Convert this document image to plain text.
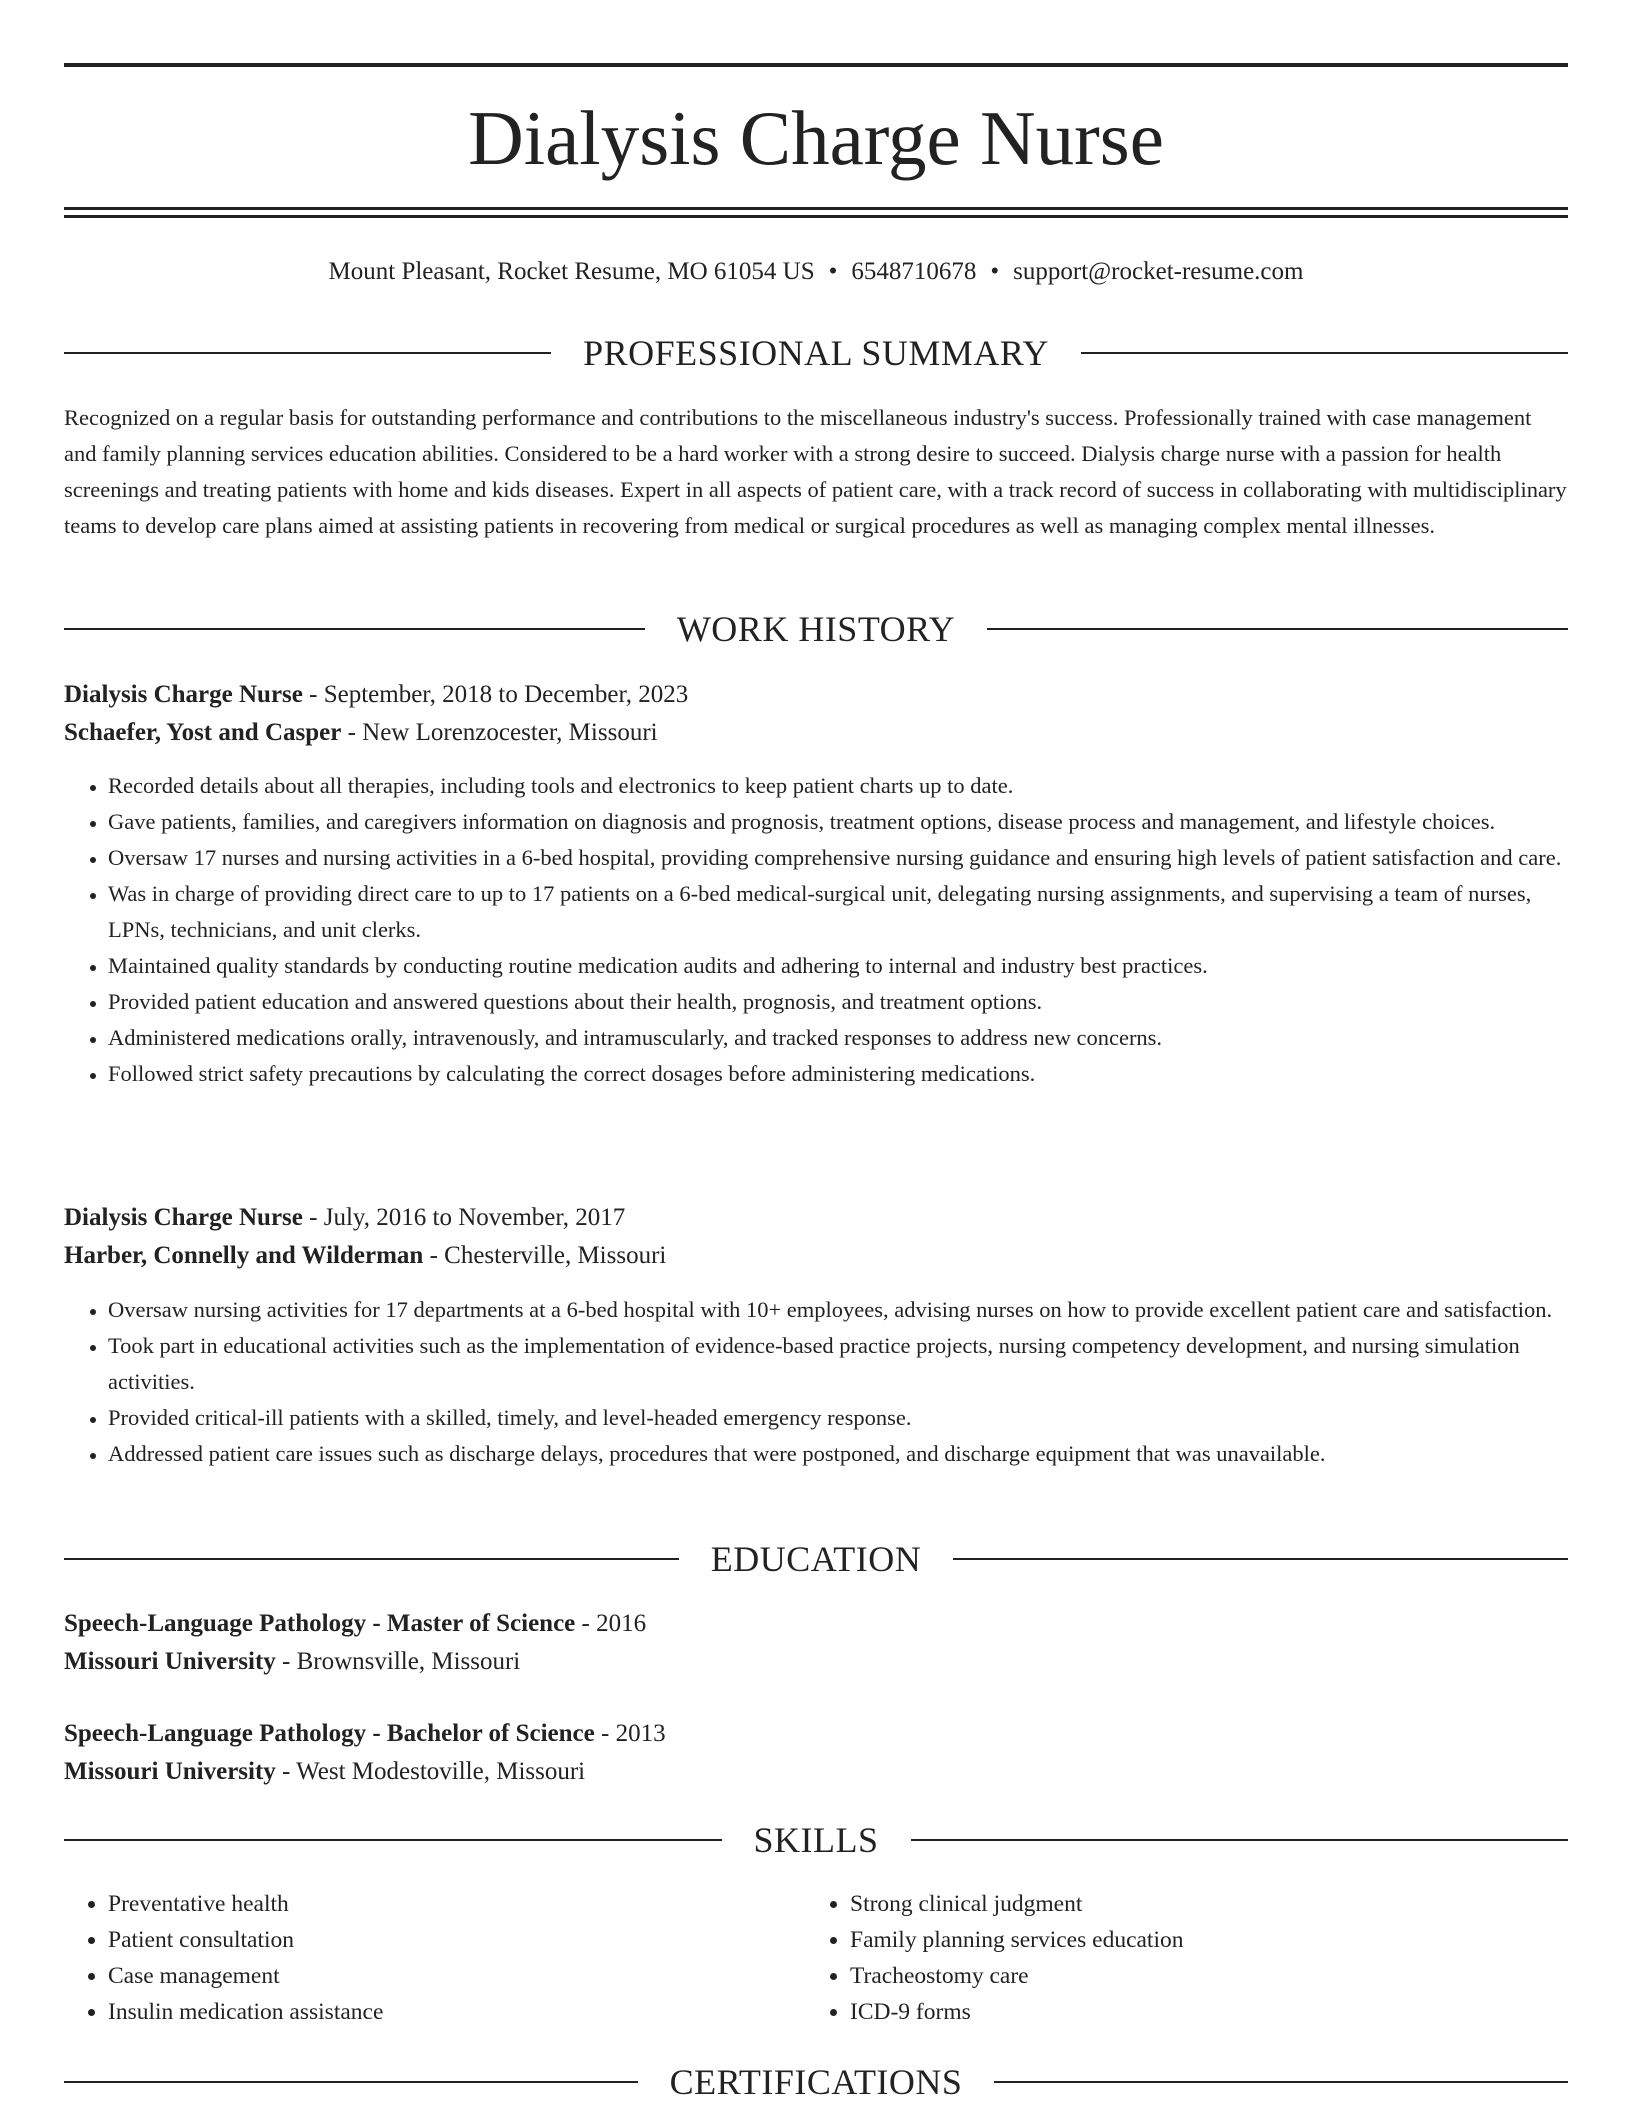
Dialysis Charge Nurse
Mount Pleasant, Rocket Resume, MO 61054 US • 6548710678 • support@rocket-resume.com
PROFESSIONAL SUMMARY

Recognized on a regular basis for outstanding performance and contributions to the miscellaneous industry's success. Professionally trained with case management and family planning services education abilities. Considered to be a hard worker with a strong desire to succeed. Dialysis charge nurse with a passion for health screenings and treating patients with home and kids diseases. Expert in all aspects of patient care, with a track record of success in collaborating with multidisciplinary teams to develop care plans aimed at assisting patients in recovering from medical or surgical procedures as well as managing complex mental illnesses.

WORK HISTORY
Dialysis Charge Nurse - September, 2018 to December, 2023
Schaefer, Yost and Casper - New Lorenzocester, Missouri
• Recorded details about all therapies, including tools and electronics to keep patient charts up to date.
• Gave patients, families, and caregivers information on diagnosis and prognosis, treatment options, disease process and management, and lifestyle choices.
• Oversaw 17 nurses and nursing activities in a 6-bed hospital, providing comprehensive nursing guidance and ensuring high levels of patient satisfaction and care.
• Was in charge of providing direct care to up to 17 patients on a 6-bed medical-surgical unit, delegating nursing assignments, and supervising a team of nurses, LPNs, technicians, and unit clerks.
• Maintained quality standards by conducting routine medication audits and adhering to internal and industry best practices.
• Provided patient education and answered questions about their health, prognosis, and treatment options.
• Administered medications orally, intravenously, and intramuscularly, and tracked responses to address new concerns.
• Followed strict safety precautions by calculating the correct dosages before administering medications.
Dialysis Charge Nurse - July, 2016 to November, 2017
Harber, Connelly and Wilderman - Chesterville, Missouri
• Oversaw nursing activities for 17 departments at a 6-bed hospital with 10+ employees, advising nurses on how to provide excellent patient care and satisfaction.
• Took part in educational activities such as the implementation of evidence-based practice projects, nursing competency development, and nursing simulation activities.
• Provided critical-ill patients with a skilled, timely, and level-headed emergency response.
• Addressed patient care issues such as discharge delays, procedures that were postponed, and discharge equipment that was unavailable.
EDUCATION
Speech-Language Pathology - Master of Science - 2016
Missouri University - Brownsville, Missouri
Speech-Language Pathology - Bachelor of Science - 2013
Missouri University - West Modestoville, Missouri
SKILLS
• Preventative health
• Patient consultation
• Case management
• Insulin medication assistance
• Strong clinical judgment
• Family planning services education
• Tracheostomy care
• ICD-9 forms
CERTIFICATIONS
